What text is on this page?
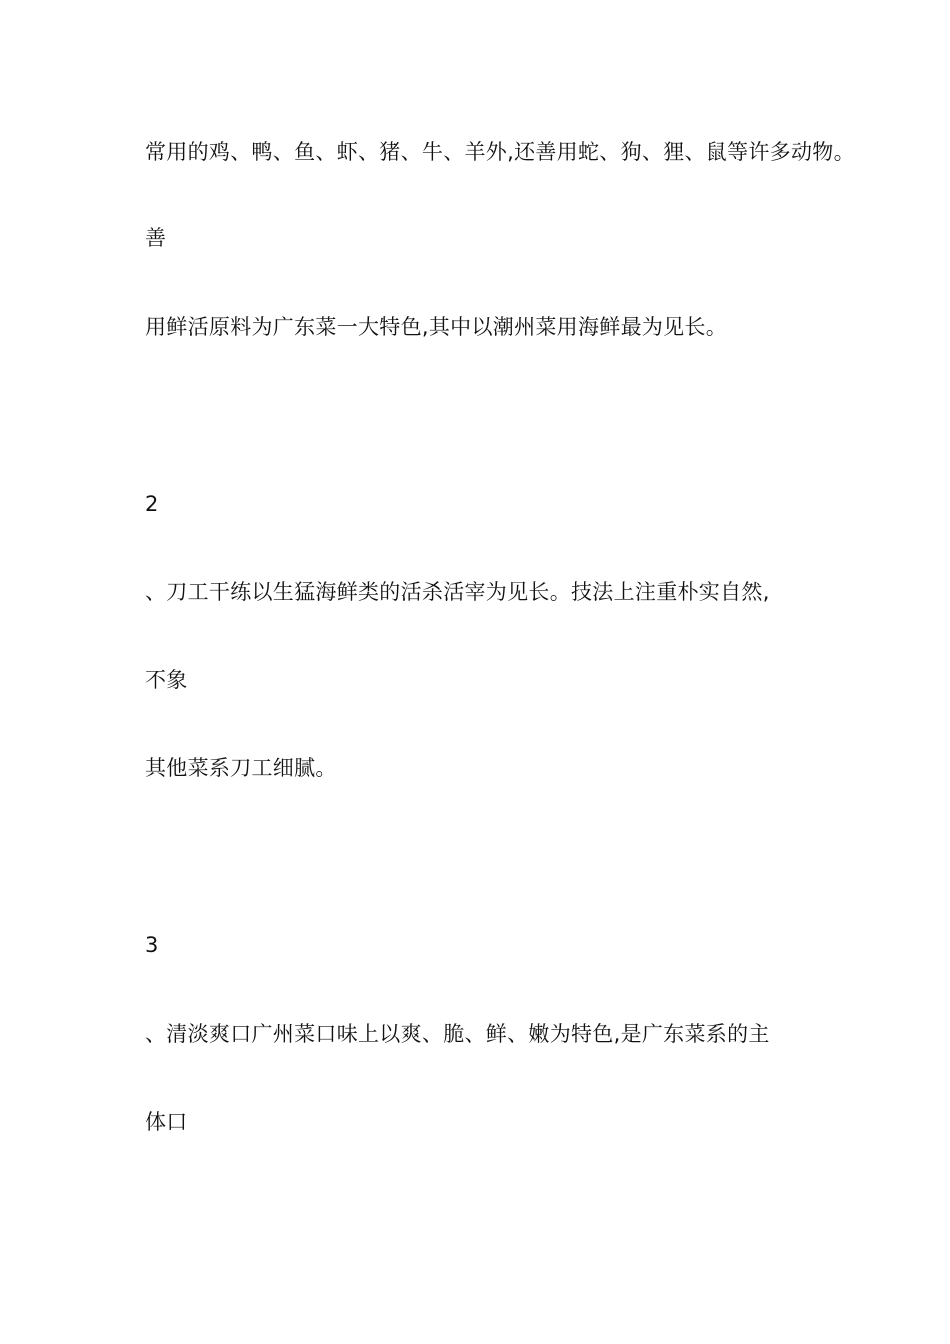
常用的鸡、鸭、鱼、虾、猪、牛、羊外,还善用蛇、狗、狸、鼠等许多动物。

善

用鲜活原料为广东菜一大特色,其中以潮州菜用海鲜最为见长。

2

、刀工干练以生猛海鲜类的活杀活宰为见长。技法上注重朴实自然,

不象

其他菜系刀工细腻。

3

、清淡爽口广州菜口味上以爽、脆、鲜、嫩为特色,是广东菜系的主

体口
